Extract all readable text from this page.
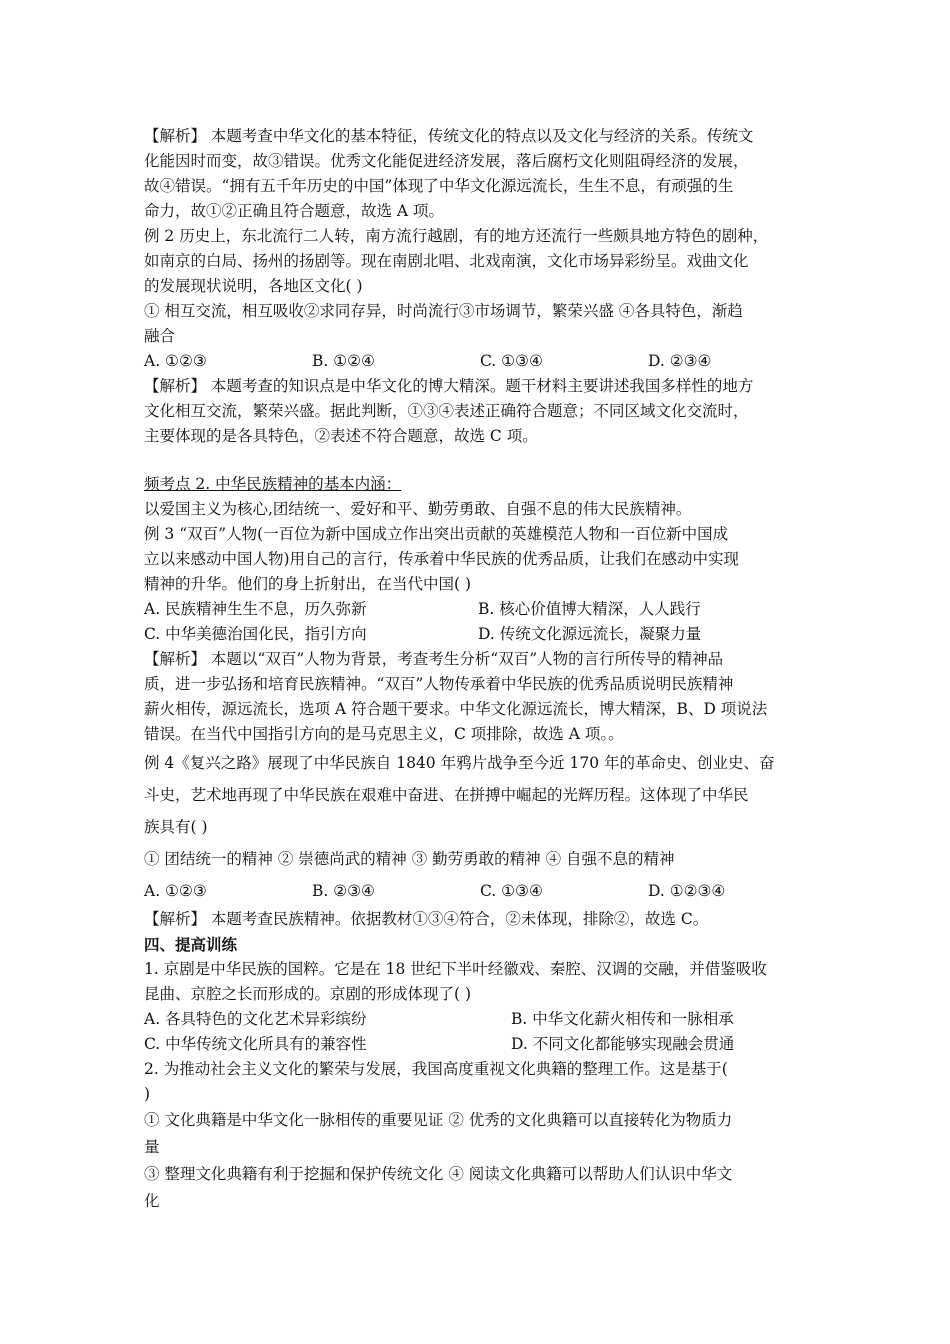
【解析】 本题考查中华文化的基本特征，传统文化的特点以及文化与经济的关系。传统文
化能因时而变，故③错误。优秀文化能促进经济发展，落后腐朽文化则阻碍经济的发展，
故④错误。“拥有五千年历史的中国”体现了中华文化源远流长，生生不息，有顽强的生
命力，故①②正确且符合题意，故选 A 项。
例 2 历史上，东北流行二人转，南方流行越剧，有的地方还流行一些颇具地方特色的剧种，
如南京的白局、扬州的扬剧等。现在南剧北唱、北戏南演，文化市场异彩纷呈。戏曲文化
的发展现状说明，各地区文化( )
① 相互交流，相互吸收②求同存异，时尚流行③市场调节，繁荣兴盛 ④各具特色，渐趋
融合
A. ①②③	B. ①②④	C. ①③④	D. ②③④
【解析】 本题考查的知识点是中华文化的博大精深。题干材料主要讲述我国多样性的地方
文化相互交流，繁荣兴盛。据此判断，①③④表述正确符合题意；不同区域文化交流时，
主要体现的是各具特色，②表述不符合题意，故选 C 项。
频考点 2. 中华民族精神的基本内涵：
以爱国主义为核心,团结统一、爱好和平、勤劳勇敢、自强不息的伟大民族精神。
例 3 “双百”人物(一百位为新中国成立作出突出贡献的英雄模范人物和一百位新中国成
立以来感动中国人物)用自己的言行，传承着中华民族的优秀品质，让我们在感动中实现
精神的升华。他们的身上折射出，在当代中国( )
A. 民族精神生生不息，历久弥新	B. 核心价值博大精深，人人践行
C. 中华美德治国化民，指引方向	D. 传统文化源远流长，凝聚力量
【解析】 本题以“双百”人物为背景，考查考生分析“双百”人物的言行所传导的精神品
质，进一步弘扬和培育民族精神。“双百”人物传承着中华民族的优秀品质说明民族精神
薪火相传，源远流长，选项 A 符合题干要求。中华文化源远流长，博大精深，B、D 项说法
错误。在当代中国指引方向的是马克思主义，C 项排除，故选 A 项。。
例 4《复兴之路》展现了中华民族自 1840 年鸦片战争至今近 170 年的革命史、创业史、奋
斗史，艺术地再现了中华民族在艰难中奋进、在拼搏中崛起的光辉历程。这体现了中华民
族具有( )
① 团结统一的精神 ② 崇德尚武的精神 ③ 勤劳勇敢的精神 ④ 自强不息的精神
A. ①②③	B. ②③④	C. ①③④	D. ①②③④
【解析】 本题考查民族精神。依据教材①③④符合，②未体现，排除②，故选 C。
四、提高训练
1. 京剧是中华民族的国粹。它是在 18 世纪下半叶经徽戏、秦腔、汉调的交融，并借鉴吸收
昆曲、京腔之长而形成的。京剧的形成体现了( )
A. 各具特色的文化艺术异彩缤纷	B. 中华文化薪火相传和一脉相承
C. 中华传统文化所具有的兼容性	D. 不同文化都能够实现融会贯通
2. 为推动社会主义文化的繁荣与发展，我国高度重视文化典籍的整理工作。这是基于(
)
① 文化典籍是中华文化一脉相传的重要见证 ② 优秀的文化典籍可以直接转化为物质力
量
③ 整理文化典籍有利于挖掘和保护传统文化 ④ 阅读文化典籍可以帮助人们认识中华文
化
